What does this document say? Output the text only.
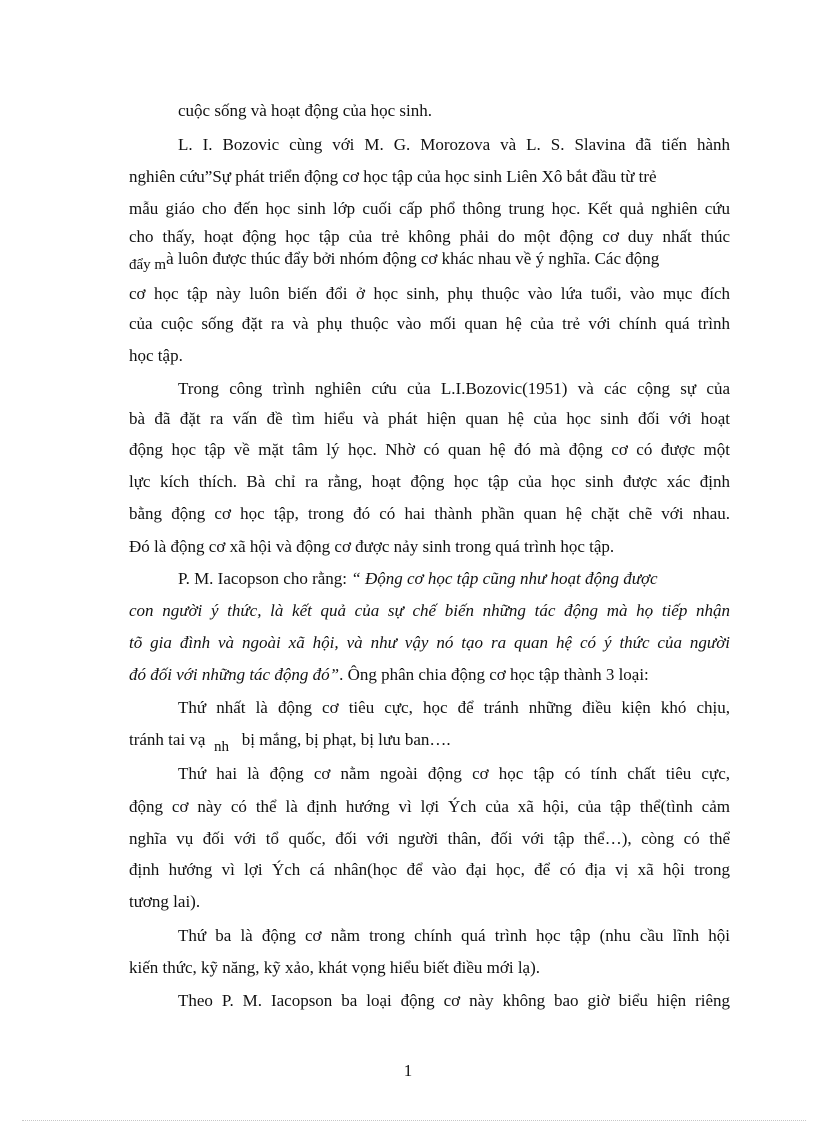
cuộc sống và hoạt động của học sinh.
L. I. Bozovic cùng với M. G. Morozova và L. S. Slavina đã tiến hành
nghiên cứu”Sự phát triển động cơ học tập của học sinh Liên Xô bắt đầu từ trẻ
mẫu giáo cho đến học sinh lớp cuối cấp phổ thông trung học. Kết quả nghiên cứu
cho thấy, hoạt động học tập của trẻ không phải do một động cơ duy nhất thúc
đẩy mà luôn được thúc đẩy bởi nhóm động cơ khác nhau về ý nghĩa. Các động
cơ học tập này luôn biến đổi ở học sinh, phụ thuộc vào lứa tuổi, vào mục đích
của cuộc sống đặt ra và phụ thuộc vào mối quan hệ của trẻ với chính quá trình
học tập.
Trong công trình nghiên cứu của L.I.Bozovic(1951) và các cộng sự của
bà đã đặt ra vấn đề tìm hiểu và phát hiện quan hệ của học sinh đối với hoạt
động học tập về mặt tâm lý học. Nhờ có quan hệ đó mà động cơ có được một
lực kích thích. Bà chỉ ra rằng, hoạt động học tập của học sinh được xác định
bằng động cơ học tập, trong đó có hai thành phần quan hệ chặt chẽ với nhau.
Đó là động cơ xã hội và động cơ được nảy sinh trong quá trình học tập.
P. M. Iacopson cho rằng: “ Động cơ học tập cũng như hoạt động được
con người ý thức, là kết quả của sự chế biến những tác động mà họ tiếp nhận
tõ gia đình và ngoài xã hội, và như vậy nó tạo ra quan hệ có ý thức của người
đó đối với những tác động đó”. Ông phân chia động cơ học tập thành 3 loại:
Thứ nhất là động cơ tiêu cực, học để tránh những điều kiện khó chịu,
tránh tai vạ nh bị mắng, bị phạt, bị lưu ban….
Thứ hai là động cơ nằm ngoài động cơ học tập có tính chất tiêu cực,
động cơ này có thể là định hướng vì lợi Ých của xã hội, của tập thể(tình cảm
nghĩa vụ đối với tổ quốc, đối với người thân, đối với tập thể…), còng có thể
định hướng vì lợi Ých cá nhân(học để vào đại học, để có địa vị xã hội trong
tương lai).
Thứ ba là động cơ nằm trong chính quá trình học tập (nhu cầu lĩnh hội
kiến thức, kỹ năng, kỹ xảo, khát vọng hiểu biết điều mới lạ).
Theo P. M. Iacopson ba loại động cơ này không bao giờ biểu hiện riêng
1
